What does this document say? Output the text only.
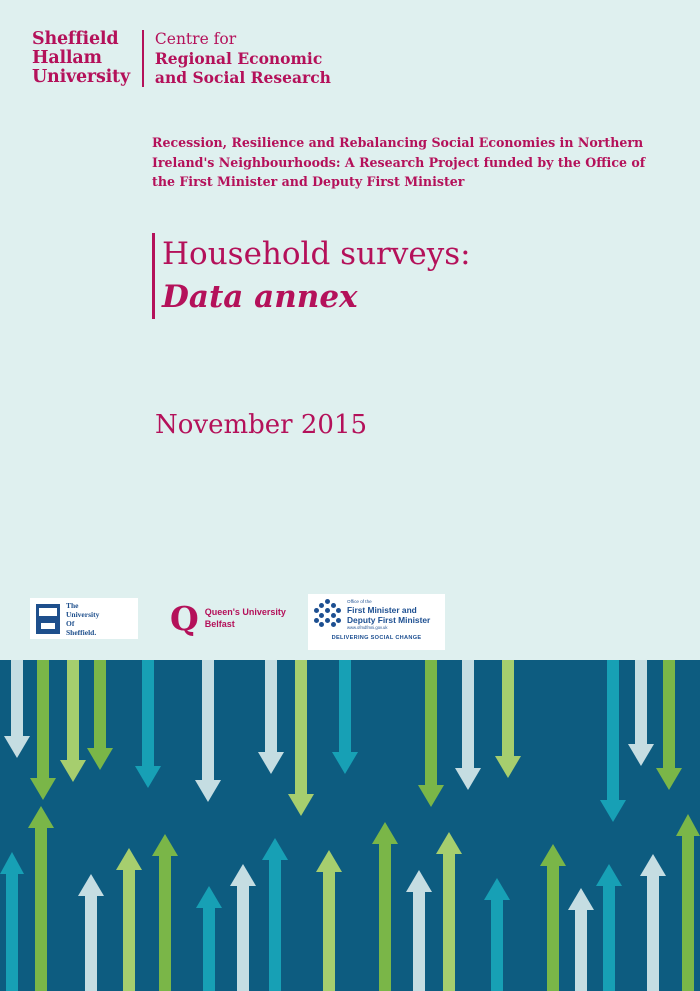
Sheffield
Hallam
University
Centre for
Regional Economic
and Social Research
Recession, Resilience and Rebalancing Social Economies in Northern Ireland's Neighbourhoods: A Research Project funded by the Office of the First Minister and Deputy First Minister
Household surveys:
Data annex
November 2015
The
University
Of
Sheffield. Q Queen's University
Belfast
Office of the
First Minister and
Deputy First Minister
www.ofmdfmni.gov.uk
DELIVERING SOCIAL CHANGE
